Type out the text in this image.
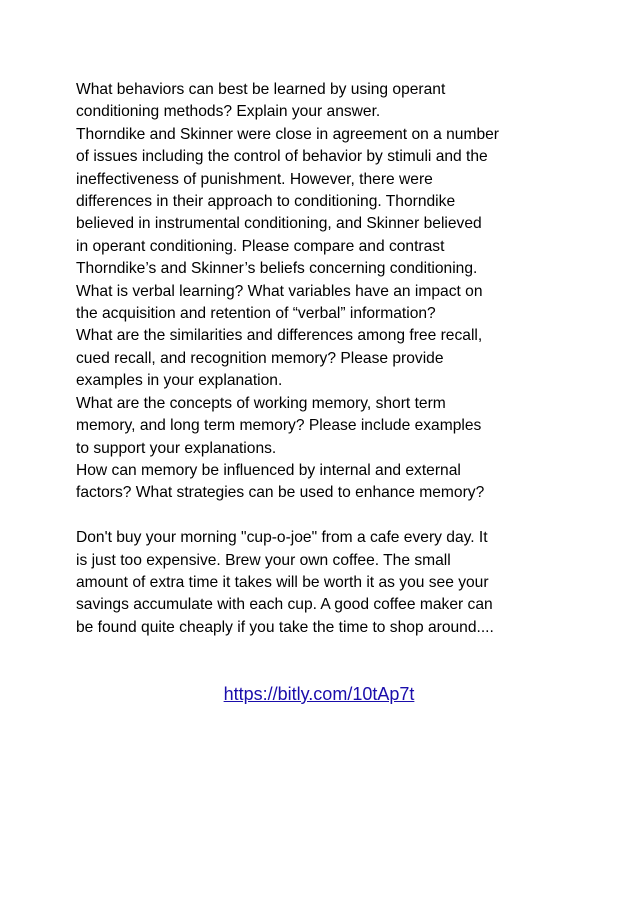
What behaviors can best be learned by using operant
conditioning methods? Explain your answer.
Thorndike and Skinner were close in agreement on a number
of issues including the control of behavior by stimuli and the
ineffectiveness of punishment. However, there were
differences in their approach to conditioning. Thorndike
believed in instrumental conditioning, and Skinner believed
in operant conditioning. Please compare and contrast
Thorndike’s and Skinner’s beliefs concerning conditioning.
What is verbal learning? What variables have an impact on
the acquisition and retention of “verbal” information?
What are the similarities and differences among free recall,
cued recall, and recognition memory? Please provide
examples in your explanation.
What are the concepts of working memory, short term
memory, and long term memory? Please include examples
to support your explanations.
How can memory be influenced by internal and external
factors? What strategies can be used to enhance memory?

Don't buy your morning "cup-o-joe" from a cafe every day. It
is just too expensive. Brew your own coffee. The small
amount of extra time it takes will be worth it as you see your
savings accumulate with each cup. A good coffee maker can
be found quite cheaply if you take the time to shop around....

https://bitly.com/10tAp7t
